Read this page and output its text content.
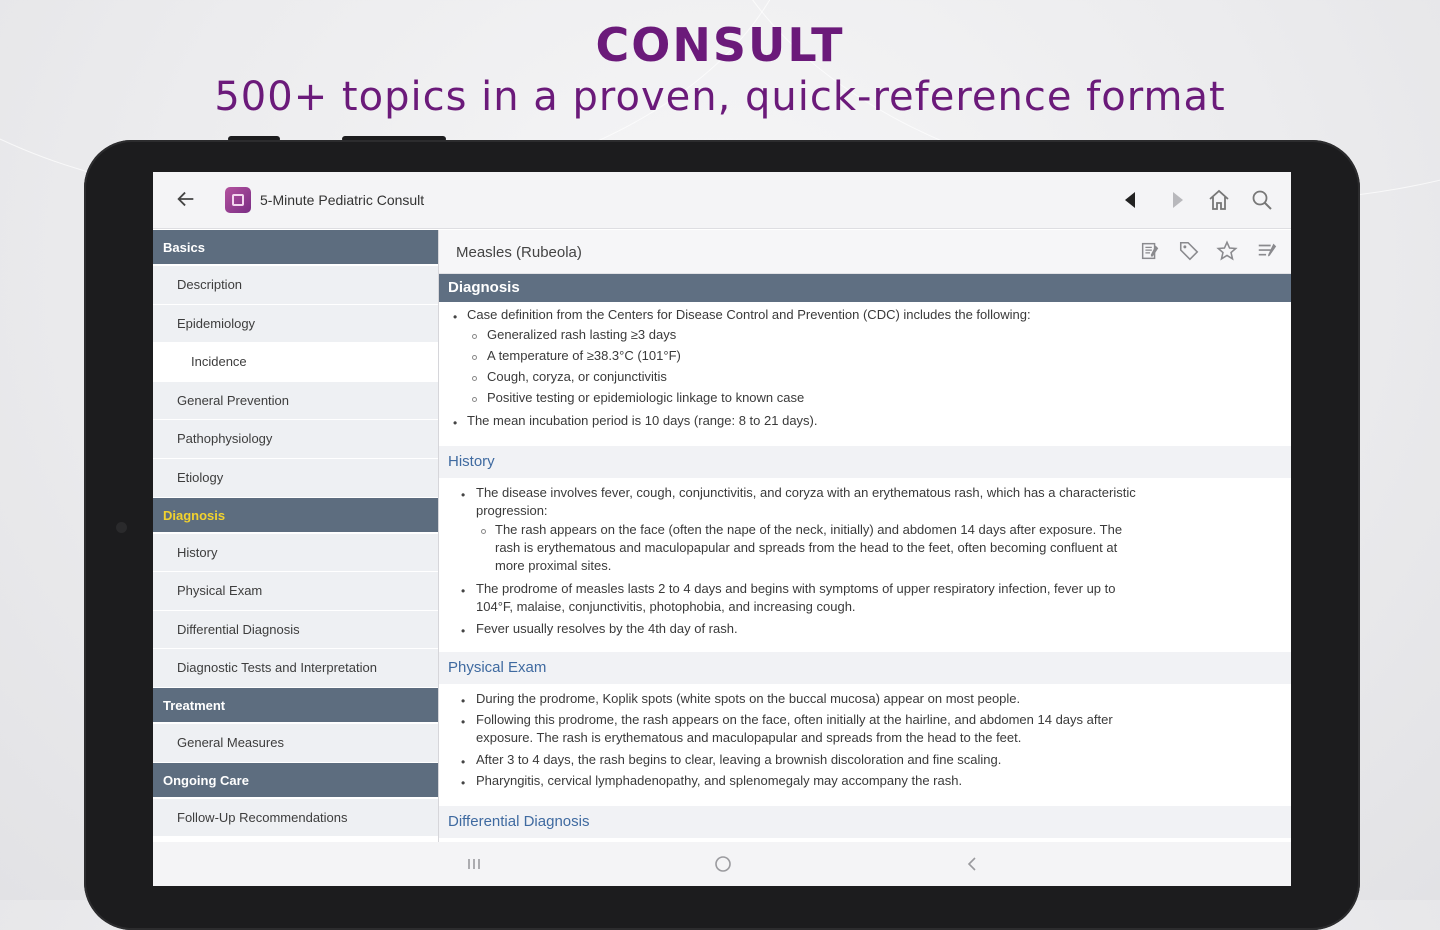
CONSULT
500+ topics in a proven, quick-reference format
5-Minute Pediatric Consult
Basics
Description
Epidemiology
Incidence
General Prevention
Pathophysiology
Etiology
Diagnosis
History
Physical Exam
Differential Diagnosis
Diagnostic Tests and Interpretation
Treatment
General Measures
Ongoing Care
Follow-Up Recommendations
Measles (Rubeola)
Diagnosis
• Case definition from the Centers for Disease Control and Prevention (CDC) includes the following:
Generalized rash lasting ≥3 days
A temperature of ≥38.3°C (101°F)
Cough, coryza, or conjunctivitis
Positive testing or epidemiologic linkage to known case
• The mean incubation period is 10 days (range: 8 to 21 days).
History
• The disease involves fever, cough, conjunctivitis, and coryza with an erythematous rash, which has a characteristic
progression:
The rash appears on the face (often the nape of the neck, initially) and abdomen 14 days after exposure. The
rash is erythematous and maculopapular and spreads from the head to the feet, often becoming confluent at
more proximal sites.
• The prodrome of measles lasts 2 to 4 days and begins with symptoms of upper respiratory infection, fever up to
104°F, malaise, conjunctivitis, photophobia, and increasing cough.
• Fever usually resolves by the 4th day of rash.
Physical Exam
• During the prodrome, Koplik spots (white spots on the buccal mucosa) appear on most people.
• Following this prodrome, the rash appears on the face, often initially at the hairline, and abdomen 14 days after
exposure. The rash is erythematous and maculopapular and spreads from the head to the feet.
• After 3 to 4 days, the rash begins to clear, leaving a brownish discoloration and fine scaling.
• Pharyngitis, cervical lymphadenopathy, and splenomegaly may accompany the rash.
Differential Diagnosis
